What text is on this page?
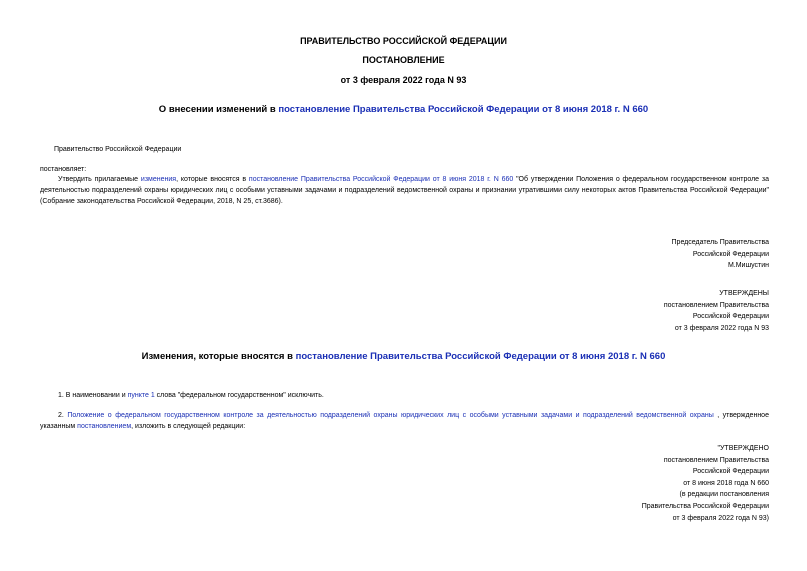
ПРАВИТЕЛЬСТВО РОССИЙСКОЙ ФЕДЕРАЦИИ
ПОСТАНОВЛЕНИЕ
от 3 февраля 2022 года N 93
О внесении изменений в постановление Правительства Российской Федерации от 8 июня 2018 г. N 660
Правительство Российской Федерации
постановляет:
Утвердить прилагаемые изменения, которые вносятся в постановление Правительства Российской Федерации от 8 июня 2018 г. N 660 "Об утверждении Положения о федеральном государственном контроле за деятельностью подразделений охраны юридических лиц с особыми уставными задачами и подразделений ведомственной охраны и признании утратившими силу некоторых актов Правительства Российской Федерации" (Собрание законодательства Российской Федерации, 2018, N 25, ст.3686).
Председатель Правительства
Российской Федерации
М.Мишустин
УТВЕРЖДЕНЫ
постановлением Правительства
Российской Федерации
от 3 февраля 2022 года N 93
Изменения, которые вносятся в постановление Правительства Российской Федерации от 8 июня 2018 г. N 660
1. В наименовании и пункте 1 слова "федеральном государственном" исключить.
2. Положение о федеральном государственном контроле за деятельностью подразделений охраны юридических лиц с особыми уставными задачами и подразделений ведомственной охраны , утвержденное указанным постановлением, изложить в следующей редакции:
"УТВЕРЖДЕНО
постановлением Правительства
Российской Федерации
от 8 июня 2018 года N 660
(в редакции постановления
Правительства Российской Федерации
от 3 февраля 2022 года N 93)
